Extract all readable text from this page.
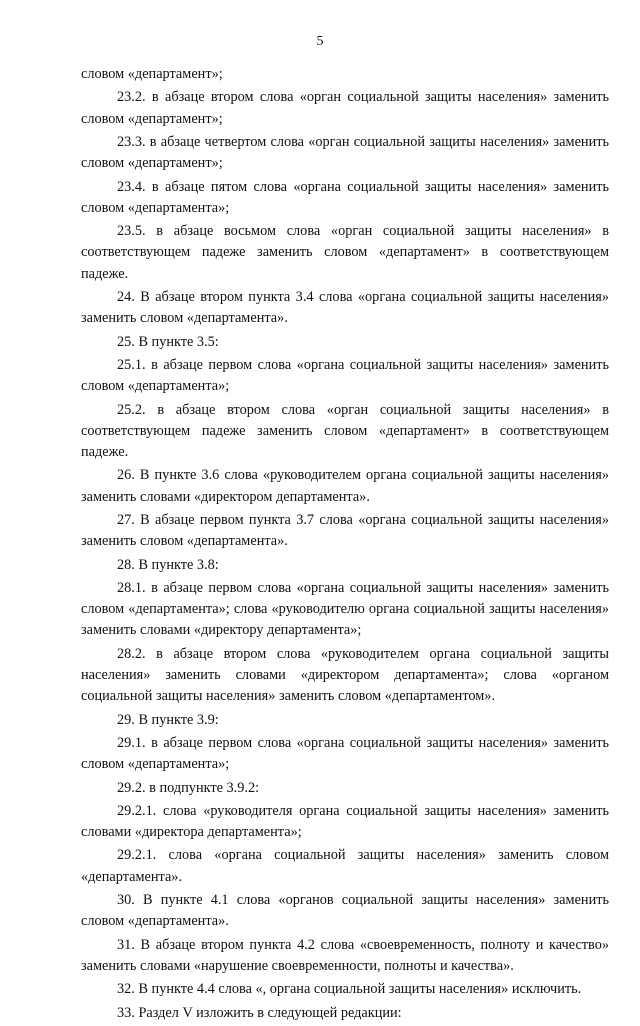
5

словом «департамент»;

23.2. в абзаце втором слова «орган социальной защиты населения» заменить словом «департамент»;

23.3. в абзаце четвертом слова «орган социальной защиты населения» заменить словом «департамент»;

23.4. в абзаце пятом слова «органа социальной защиты населения» заменить словом «департамента»;

23.5. в абзаце восьмом слова «орган социальной защиты населения» в соответствующем падеже заменить словом «департамент» в соответствующем падеже.

24. В абзаце втором пункта 3.4 слова «органа социальной защиты населения» заменить словом «департамента».

25. В пункте 3.5:

25.1. в абзаце первом слова «органа социальной защиты населения» заменить словом «департамента»;

25.2. в абзаце втором слова «орган социальной защиты населения» в соответствующем падеже заменить словом «департамент» в соответствующем падеже.

26. В пункте 3.6 слова «руководителем органа социальной защиты населения» заменить словами «директором департамента».

27. В абзаце первом пункта 3.7 слова «органа социальной защиты населения» заменить словом «департамента».

28. В пункте 3.8:

28.1. в абзаце первом слова «органа социальной защиты населения» заменить словом «департамента»; слова «руководителю органа социальной защиты населения» заменить словами «директору департамента»;

28.2. в абзаце втором слова «руководителем органа социальной защиты населения» заменить словами «директором департамента»; слова «органом социальной защиты населения» заменить словом «департаментом».

29. В пункте 3.9:

29.1. в абзаце первом слова «органа социальной защиты населения» заменить словом «департамента»;

29.2. в подпункте 3.9.2:

29.2.1. слова «руководителя органа социальной защиты населения» заменить словами «директора департамента»;

29.2.1. слова «органа социальной защиты населения» заменить словом «департамента».

30. В пункте 4.1 слова «органов социальной защиты населения» заменить словом «департамента».

31. В абзаце втором пункта 4.2 слова «своевременность, полноту и качество» заменить словами «нарушение своевременности, полноты и качества».

32. В пункте 4.4 слова «, органа социальной защиты населения» исключить.

33. Раздел V изложить в следующей редакции:
